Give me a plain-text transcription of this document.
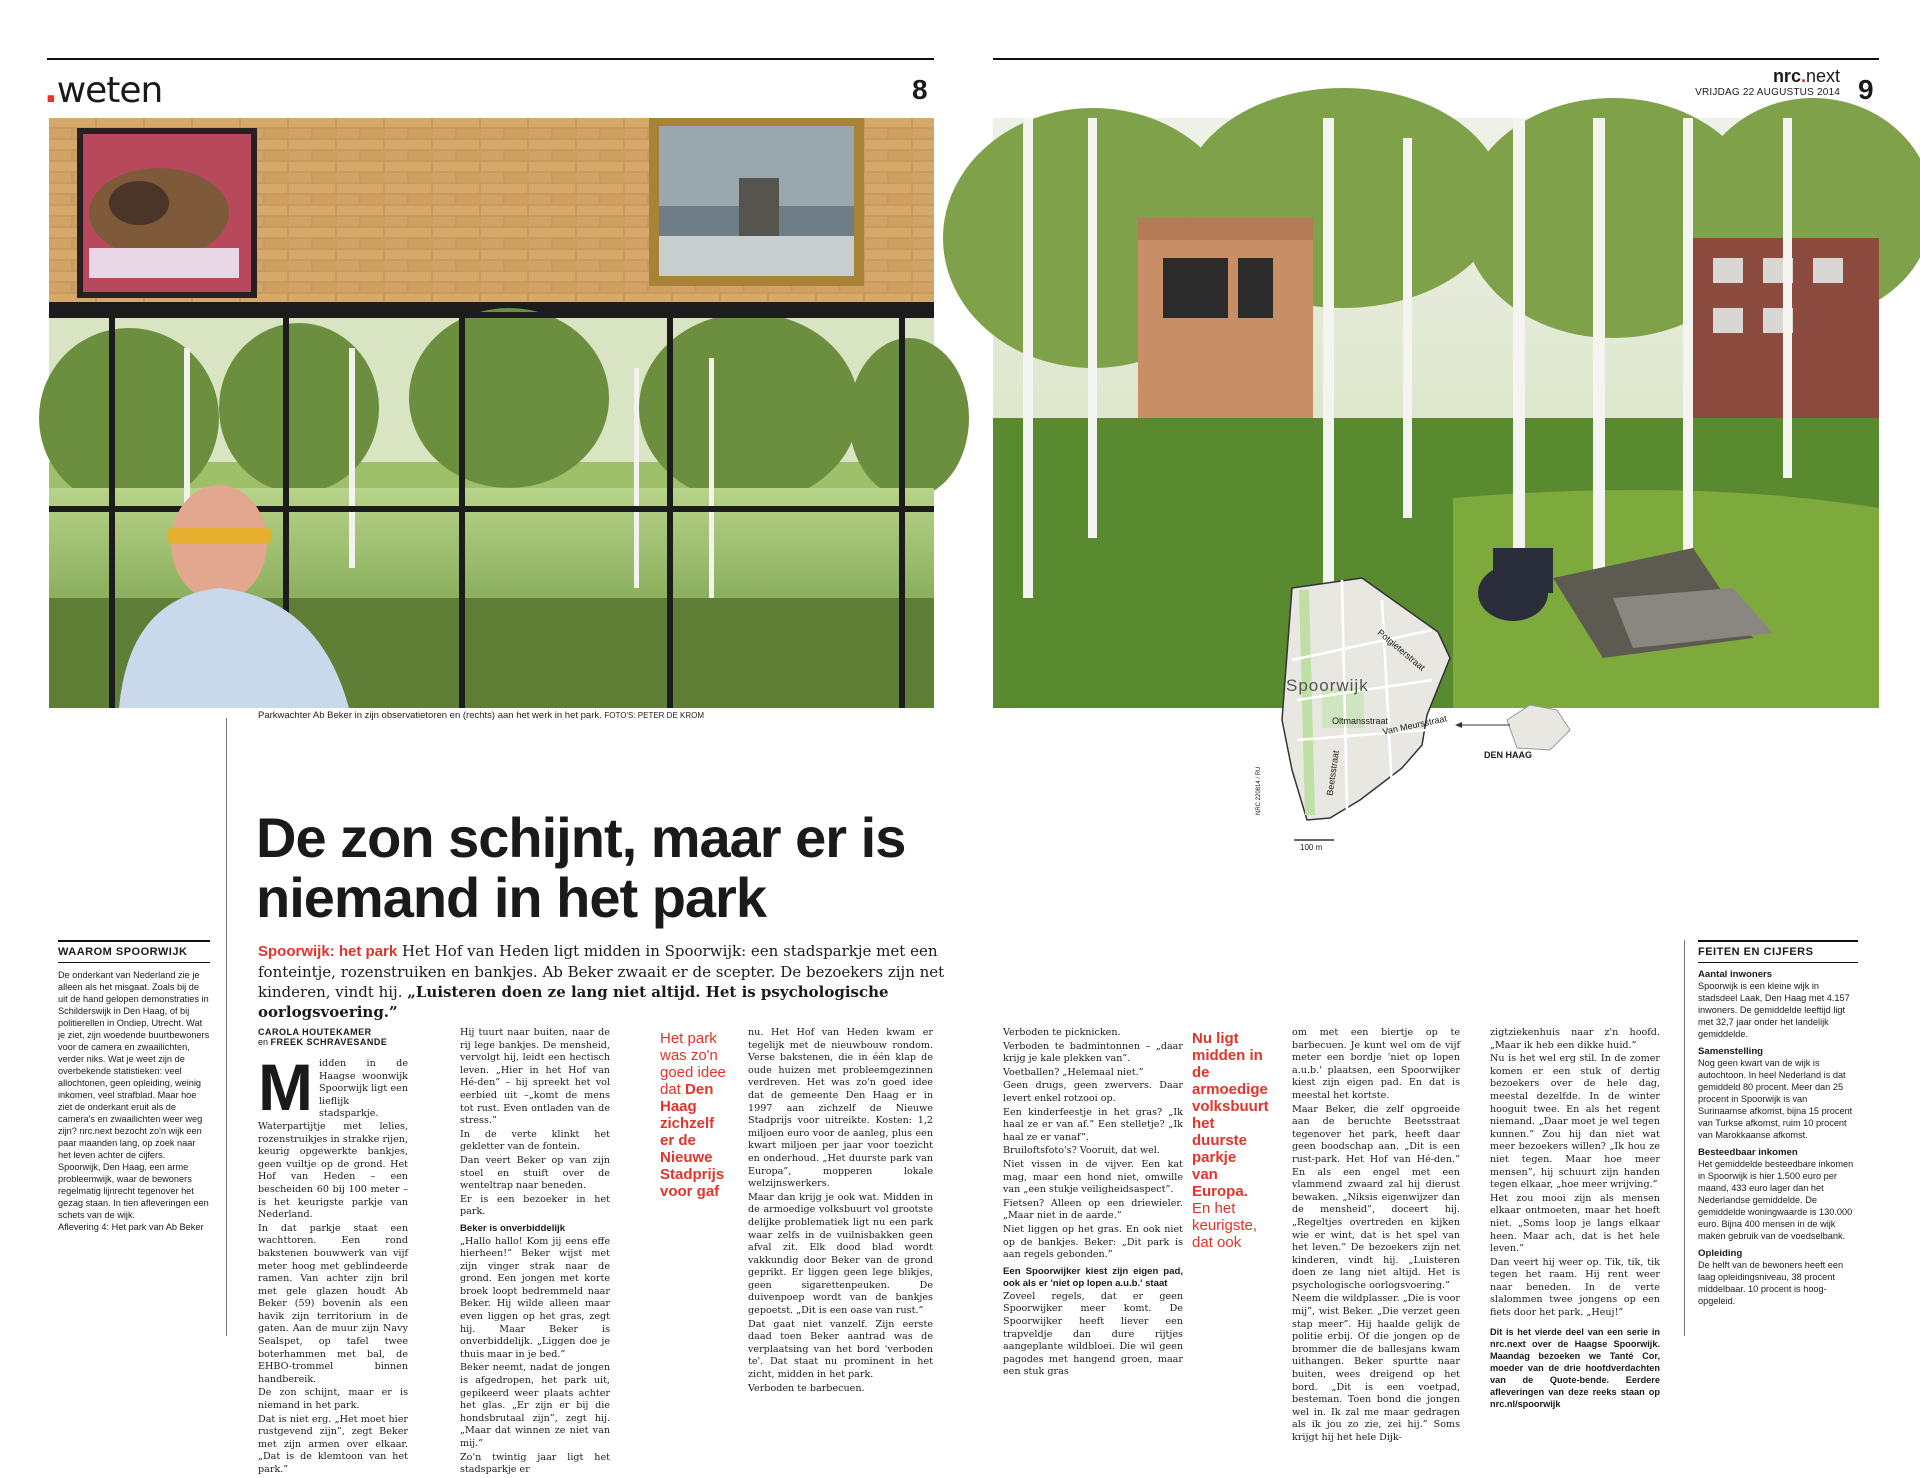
.weten	8	nrc.next
VRIJDAG 22 AUGUSTUS 2014 9
Parkwachter Ab Beker in zijn observatietoren en (rechts) aan het werk in het park. FOTO'S: PETER DE KROM
Spoorwijk
Potgieterstraat
Oltmansstraat
Van Meursstraat
Beetsstraat	DEN HAAG
100 m
NRC 220814 / RU
De zon schijnt, maar er is
niemand in het park
Spoorwijk: het park Het Hof van Heden ligt midden in Spoorwijk: een stadsparkje met een fonteintje, rozenstruiken en bankjes. Ab Beker zwaait er de scepter. De bezoekers zijn net kinderen, vindt hij. „Luisteren doen ze lang niet altijd. Het is psychologische oorlogsvoering.”
WAAROM SPOORWIJK
De onderkant van Nederland zie je alleen als het misgaat. Zoals bij de uit de hand gelopen demonstraties in Schilderswijk in Den Haag, of bij politierellen in Ondiep, Utrecht. Wat je ziet, zijn woedende buurtbewoners voor de camera en zwaailichten, verder niks. Wat je weet zijn de overbekende statistieken: veel allochtonen, geen opleiding, weinig inkomen, veel strafblad. Maar hoe ziet de onderkant eruit als de camera's en zwaailichten weer weg zijn? nrc.next bezocht zo'n wijk een paar maanden lang, op zoek naar het leven achter de cijfers. Spoorwijk, Den Haag, een arme probleemwijk, waar de bewoners regelmatig lijnrecht tegenover het gezag staan. In tien afleveringen een schets van de wijk.
Aflevering 4: Het park van Ab Beker
CAROLA HOUTEKAMER
en FREEK SCHRAVESANDE

Midden in de Haagse woonwijk Spoorwijk ligt een lieflijk stadsparkje. Waterpartijtje met lelies, rozenstruikjes in strakke rijen, keurig opgewerkte bankjes, geen vuiltje op de grond. Het Hof van Heden – een bescheiden 60 bij 100 meter – is het keurigste parkje van Nederland.

In dat parkje staat een wachttoren. Een rond bakstenen bouwwerk van vijf meter hoog met geblindeerde ramen. Van achter zijn bril met gele glazen houdt Ab Beker (59) bovenin als een havik zijn territorium in de gaten. Aan de muur zijn Navy Sealspet, op tafel twee boterhammen met bal, de EHBO-trommel binnen handbereik.

De zon schijnt, maar er is niemand in het park.

Dat is niet erg. „Het moet hier rustgevend zijn”, zegt Beker met zijn armen over elkaar. „Dat is de klemtoon van het park.”

Hij tuurt naar buiten, naar de rij lege bankjes. De mensheid, vervolgt hij, leidt een hectisch leven. „Hier in het Hof van Hé-den” – hij spreekt het vol eerbied uit –„komt de mens tot rust. Even ontladen van de stress.”

In de verte klinkt het gekletter van de fontein.

Dan veert Beker op van zijn stoel en stuift over de wenteltrap naar beneden.

Er is een bezoeker in het park.

Beker is onverbiddelijk

„Hallo hallo! Kom jij eens effe hierheen!” Beker wijst met zijn vinger strak naar de grond. Een jongen met korte broek loopt bedremmeld naar Beker. Hij wilde alleen maar even liggen op het gras, zegt hij. Maar Beker is onverbiddelijk. „Liggen doe je thuis maar in je bed.”

Beker neemt, nadat de jongen is afgedropen, het park uit, gepikeerd weer plaats achter het glas. „Er zijn er bij die hondsbrutaal zijn”, zegt hij. „Maar dat winnen ze niet van mij.”

Zo'n twintig jaar ligt het stadsparkje er

Het park was zo'n goed idee dat Den Haag zichzelf er de Nieuwe Stadprijs voor gaf

nu. Het Hof van Heden kwam er tegelijk met de nieuwbouw rondom. Verse bakstenen, die in één klap de oude huizen met probleemgezinnen verdreven. Het was zo'n goed idee dat de gemeente Den Haag er in 1997 aan zichzelf de Nieuwe Stadprijs voor uitreikte. Kosten: 1,2 miljoen euro voor de aanleg, plus een kwart miljoen per jaar voor toezicht en onderhoud. „Het duurste park van Europa”, mopperen lokale welzijnswerkers.

Maar dan krijg je ook wat. Midden in de armoedige volksbuurt vol grootste delijke problematiek ligt nu een park waar zelfs in de vuilnisbakken geen afval zit. Elk dood blad wordt vakkundig door Beker van de grond geprikt. Er liggen geen lege blikjes, geen sigarettenpeuken. De duivenpoep wordt van de bankjes gepoetst. „Dit is een oase van rust.”

Dat gaat niet vanzelf. Zijn eerste daad toen Beker aantrad was de verplaatsing van het bord 'verboden te'. Dat staat nu prominent in het zicht, midden in het park.

Verboden te barbecuen.

Verboden te picknicken.

Verboden te badmintonnen – „daar krijg je kale plekken van”.

Voetballen? „Helemaal niet.”

Geen drugs, geen zwervers. Daar levert enkel rotzooi op.

Een kinderfeestje in het gras? „Ik haal ze er van af.” Een stelletje? „Ik haal ze er vanaf”.

Bruiloftsfoto's? Vooruit, dat wel.

Niet vissen in de vijver. Een kat mag, maar een hond niet, omwille van „een stukje veiligheidsaspect”.

Fietsen? Alleen op een driewieler. „Maar niet in de aarde.”

Niet liggen op het gras. En ook niet op de bankjes. Beker: „Dit park is aan regels gebonden.”

Een Spoorwijker kiest zijn eigen pad, ook als er 'niet op lopen a.u.b.' staat

Zoveel regels, dat er geen Spoorwijker meer komt. De Spoorwijker heeft liever een trapveldje dan dure rijtjes aangeplante wildbloei. Die wil geen pagodes met hangend groen, maar een stuk gras

Nu ligt midden in de armoedige volksbuurt het duurste parkje van Europa. En het keurigste, dat ook

om met een biertje op te barbecuen. Je kunt wel om de vijf meter een bordje 'niet op lopen a.u.b.' plaatsen, een Spoorwijker kiest zijn eigen pad. En dat is meestal het kortste.

Maar Beker, die zelf opgroeide aan de beruchte Beetsstraat tegenover het park, heeft daar geen boodschap aan. „Dit is een rust-park. Het Hof van Hé-den.” En als een engel met een vlammend zwaard zal hij dierust bewaken. „Niksis eigenwijzer dan de mensheid”, doceert hij. „Regeltjes overtreden en kijken wie er wint, dat is het spel van het leven.” De bezoekers zijn net kinderen, vindt hij. „Luisteren doen ze lang niet altijd. Het is psychologische oorlogsvoering.”

Neem die wildplasser. „Die is voor mij”, wist Beker. „Die verzet geen stap meer”. Hij haalde gelijk de politie erbij. Of die jongen op de brommer die de ballesjans kwam uithangen. Beker spurtte naar buiten, wees dreigend op het bord. „Dit is een voetpad, besteman. Toen bond die jongen wel in. Ik zal me maar gedragen als ik jou zo zie, zei hij.” Soms krijgt hij het hele Dijk-

zigtziekenhuis naar z'n hoofd. „Maar ik heb een dikke huid.”

Nu is het wel erg stil. In de zomer komen er een stuk of dertig bezoekers over de hele dag, meestal dezelfde. In de winter hooguit twee. En als het regent niemand. „Daar moet je wel tegen kunnen.” Zou hij dan niet wat meer bezoekers willen? „Ik hou ze niet tegen. Maar hoe meer mensen”, hij schuurt zijn handen tegen elkaar, „hoe meer wrijving.”

Het zou mooi zijn als mensen elkaar ontmoeten, maar het hoeft niet. „Soms loop je langs elkaar heen. Maar ach, dat is het hele leven.”

Dan veert hij weer op. Tik, tik, tik tegen het raam. Hij rent weer naar beneden. In de verte slalommen twee jongens op een fiets door het park. „Heuj!”

Dit is het vierde deel van een serie in nrc.next over de Haagse Spoorwijk. Maandag bezoeken we Tanté Cor, moeder van de drie hoofdverdachten van de Quote-bende. Eerdere afleveringen van deze reeks staan op nrc.nl/spoorwijk
FEITEN EN CIJFERS
Aantal inwoners
Spoorwijk is een kleine wijk in stadsdeel Laak, Den Haag met 4.157 inwoners. De gemiddelde leeftijd ligt met 32,7 jaar onder het landelijk gemiddelde.
Samenstelling
Nog geen kwart van de wijk is autochtoon. In heel Nederland is dat gemiddeld 80 procent. Meer dan 25 procent in Spoorwijk is van Surinaamse afkomst, bijna 15 procent van Turkse afkomst, ruim 10 procent van Marokkaanse afkomst.
Besteedbaar inkomen
Het gemiddelde besteedbare inkomen in Spoorwijk is hier 1.500 euro per maand, 433 euro lager dan het Nederlandse gemiddelde. De gemiddelde woningwaarde is 130.000 euro. Bijna 400 mensen in de wijk maken gebruik van de voedselbank.
Opleiding
De helft van de bewoners heeft een laag opleidingsniveau, 38 procent middelbaar. 10 procent is hoog-opgeleid.
